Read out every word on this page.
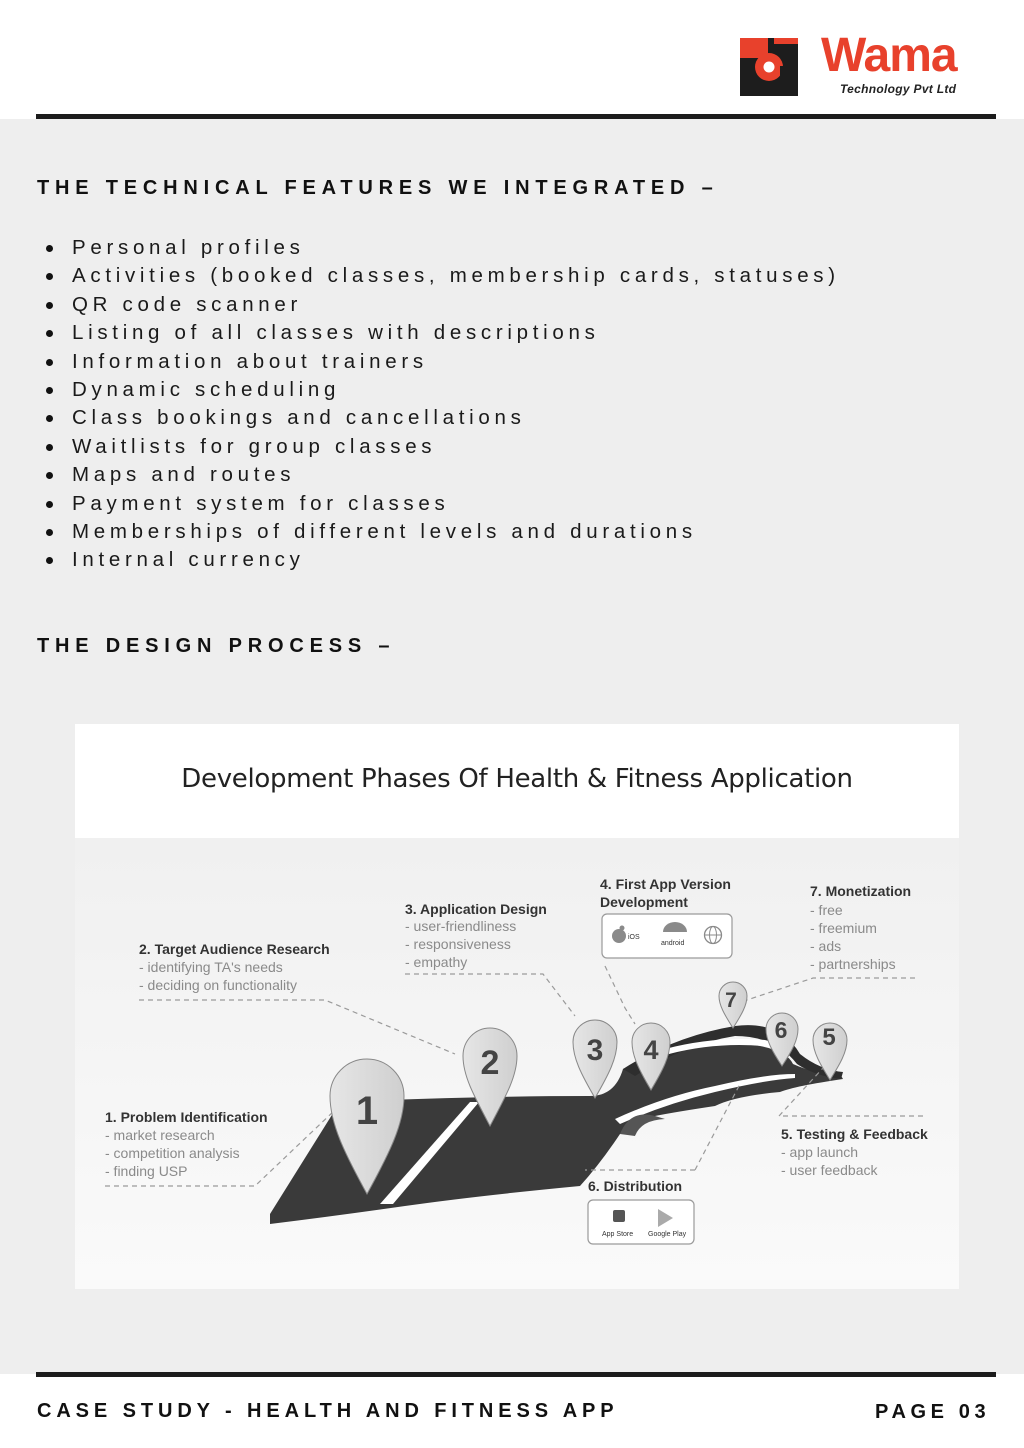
Wama
Technology Pvt Ltd
THE TECHNICAL FEATURES WE INTEGRATED –
Personal profiles
Activities (booked classes, membership cards, statuses)
QR code scanner
Listing of all classes with descriptions
Information about trainers
Dynamic scheduling
Class bookings and cancellations
Waitlists for group classes
Maps and routes
Payment system for classes
Memberships of different levels and durations
Internal currency
THE DESIGN PROCESS –
iOS
android
App Store Google Play
1
2	3 4	5
6
7
1. Problem Identification
- market research
- competition analysis
- finding USP
2. Target Audience Research
- identifying TA's needs
- deciding on functionality
3. Application Design
- user-friendliness
- responsiveness
- empathy
4. First App Version
Development
5. Testing & Feedback
- app launch
- user feedback
6. Distribution
7. Monetization
- free
- freemium
- ads
- partnerships
Development Phases Of Health & Fitness Application
CASE STUDY - HEALTH AND FITNESS APP	PAGE 03
